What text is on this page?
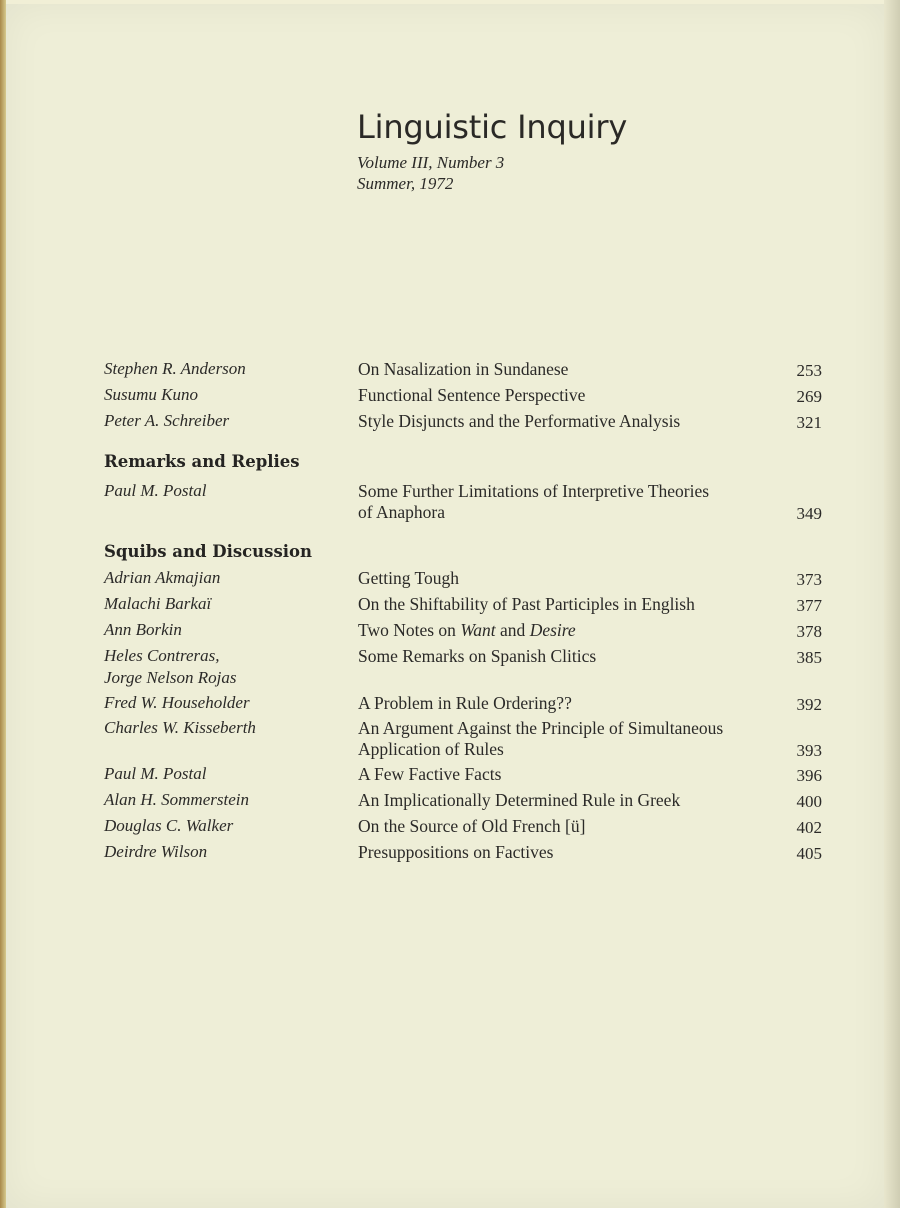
Linguistic Inquiry
Volume III, Number 3
Summer, 1972
Stephen R. Anderson	On Nasalization in Sundanese	253
Susumu Kuno	Functional Sentence Perspective	269
Peter A. Schreiber	Style Disjuncts and the Performative Analysis	321
Remarks and Replies
Paul M. Postal	Some Further Limitations of Interpretive Theories
of Anaphora	349
Squibs and Discussion
Adrian Akmajian	Getting Tough	373
Malachi Barkaï	On the Shiftability of Past Participles in English	377
Ann Borkin	Two Notes on Want and Desire	378
Heles Contreras,
Jorge Nelson Rojas
Some Remarks on Spanish Clitics	385
Fred W. Householder	A Problem in Rule Ordering??	392
Charles W. Kisseberth	An Argument Against the Principle of Simultaneous
Application of Rules	393
Paul M. Postal	A Few Factive Facts	396
Alan H. Sommerstein	An Implicationally Determined Rule in Greek	400
Douglas C. Walker	On the Source of Old French [ü]	402
Deirdre Wilson	Presuppositions on Factives	405
